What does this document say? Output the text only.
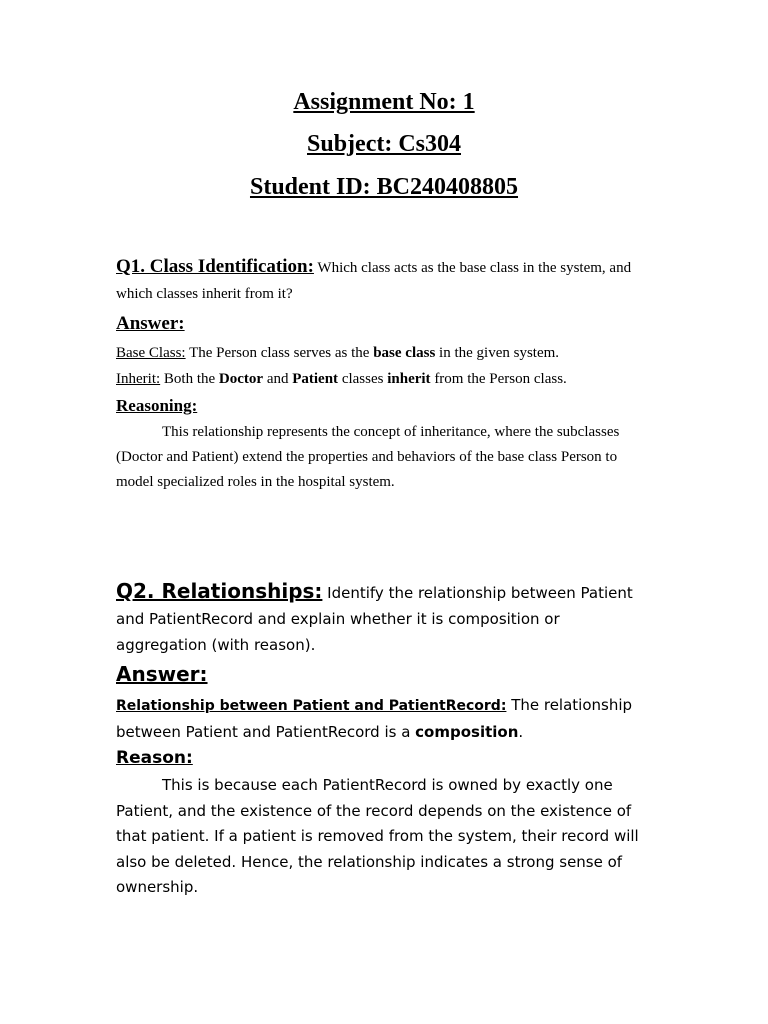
Assignment No: 1
Subject: Cs304
Student ID: BC240408805
Q1. Class Identification: Which class acts as the base class in the system, and which classes inherit from it?
Answer:
Base Class: The Person class serves as the base class in the given system.
Inherit: Both the Doctor and Patient classes inherit from the Person class.
Reasoning:
This relationship represents the concept of inheritance, where the subclasses (Doctor and Patient) extend the properties and behaviors of the base class Person to model specialized roles in the hospital system.
Q2. Relationships: Identify the relationship between Patient and PatientRecord and explain whether it is composition or aggregation (with reason).
Answer:
Relationship between Patient and PatientRecord: The relationship between Patient and PatientRecord is a composition.
Reason:
This is because each PatientRecord is owned by exactly one Patient, and the existence of the record depends on the existence of that patient. If a patient is removed from the system, their record will also be deleted. Hence, the relationship indicates a strong sense of ownership.
